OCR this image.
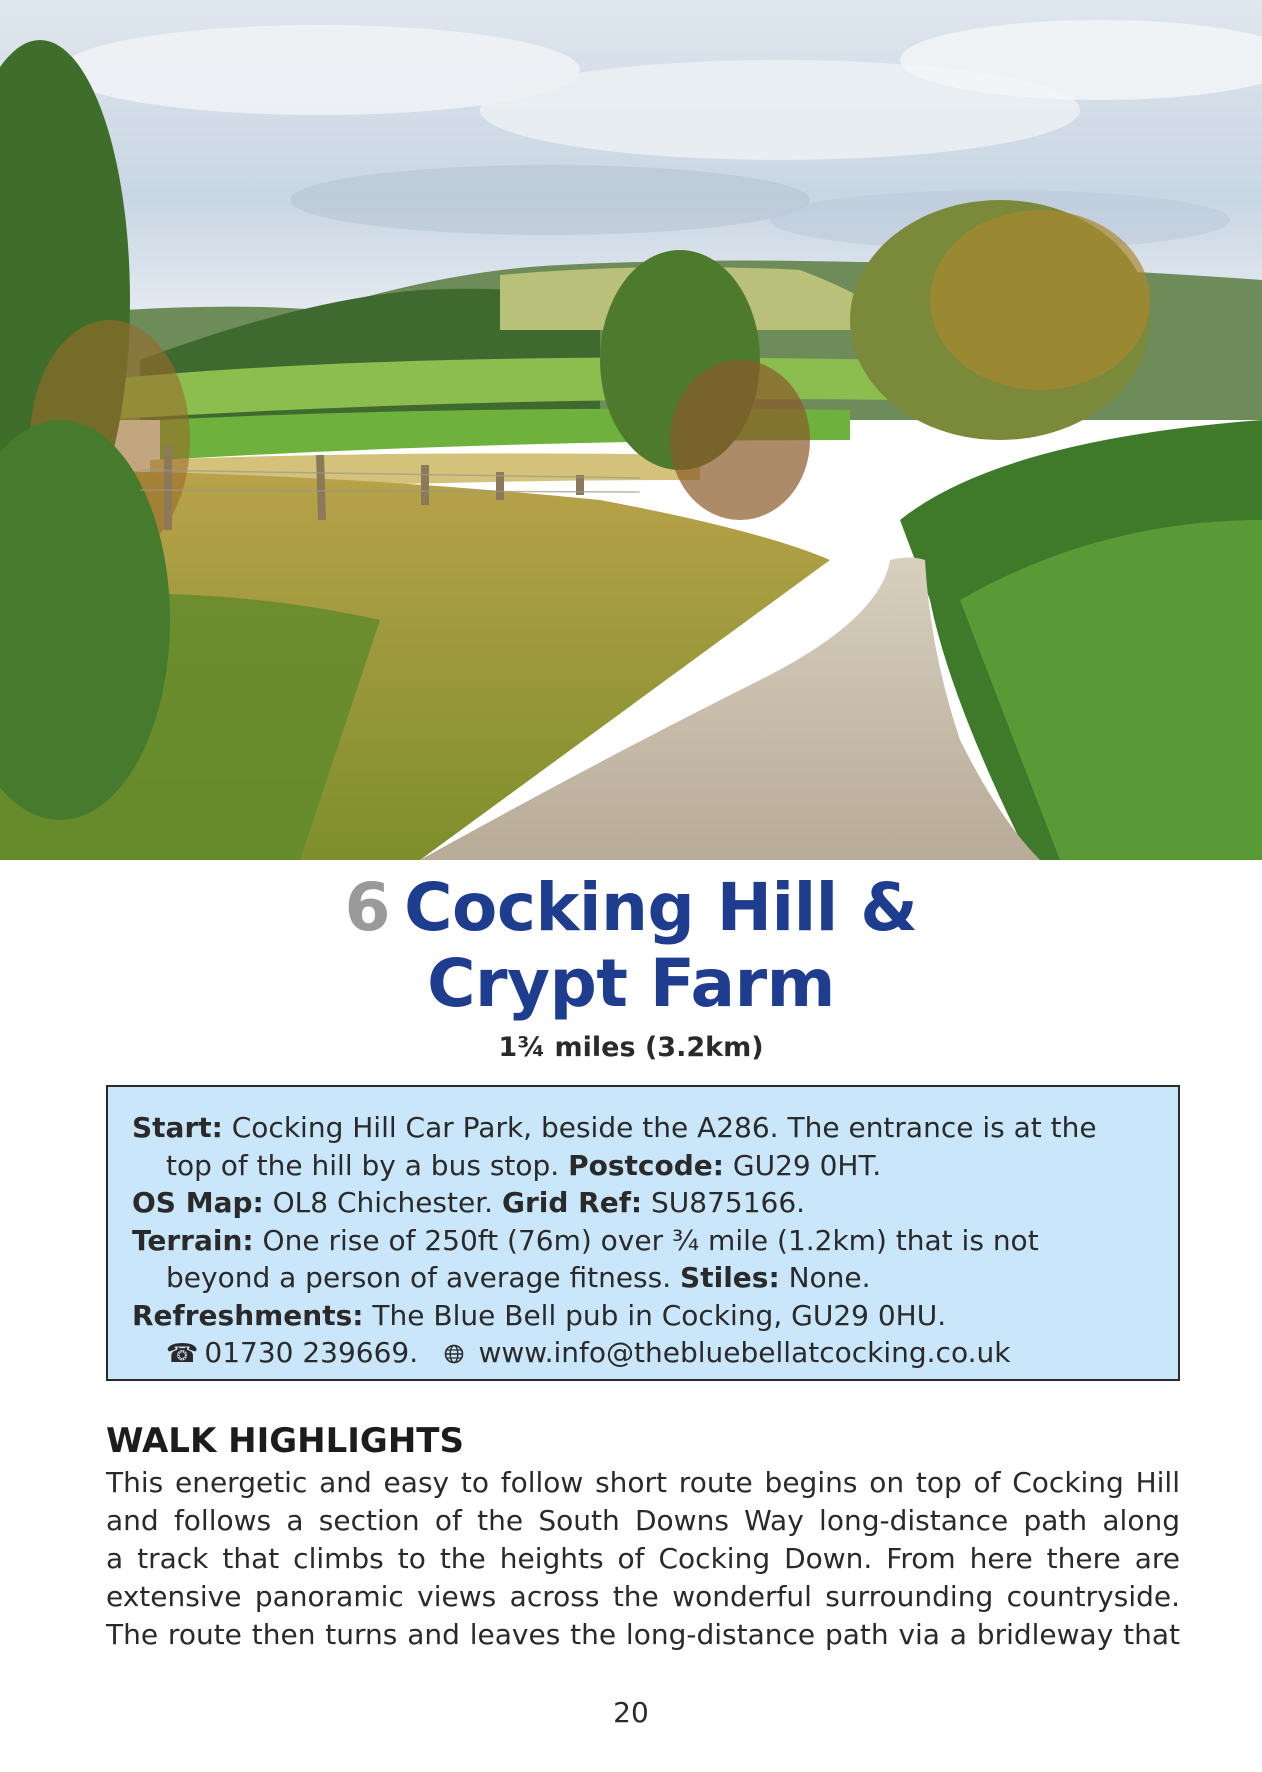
6 Cocking Hill &
Crypt Farm
1¾ miles (3.2km)
Start: Cocking Hill Car Park, beside the A286. The entrance is at the
top of the hill by a bus stop. Postcode: GU29 0HT.
OS Map: OL8 Chichester. Grid Ref: SU875166.
Terrain: One rise of 250ft (76m) over ¾ mile (1.2km) that is not
beyond a person of average fitness. Stiles: None.
Refreshments: The Blue Bell pub in Cocking, GU29 0HU.
☎ 01730 239669. www.info@thebluebellatcocking.co.uk
WALK HIGHLIGHTS
This energetic and easy to follow short route begins on top of Cocking Hill
and follows a section of the South Downs Way long-distance path along
a track that climbs to the heights of Cocking Down. From here there are
extensive panoramic views across the wonderful surrounding countryside.
The route then turns and leaves the long-distance path via a bridleway that
20
